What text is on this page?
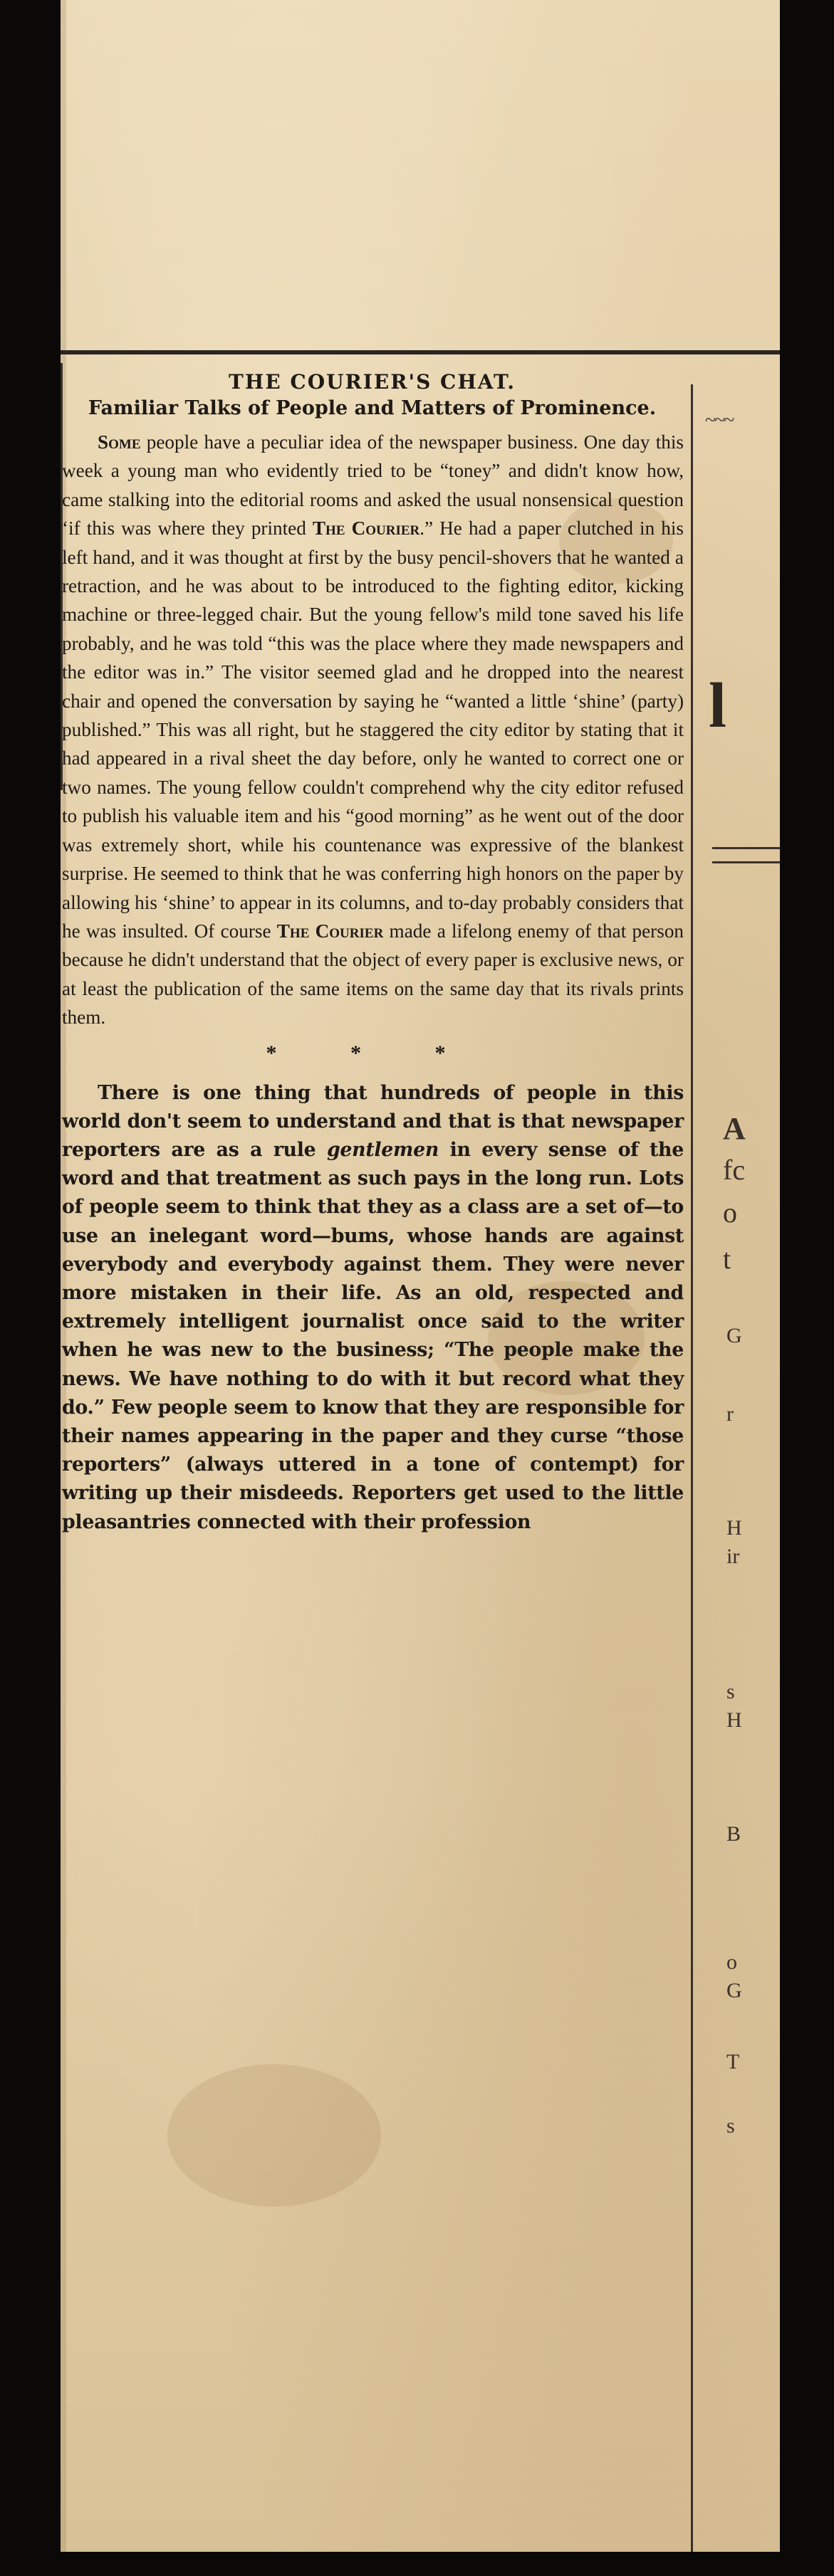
THE COURIER'S CHAT.
Familiar Talks of People and Matters of Prominence.

Some people have a peculiar idea of the newspaper business. One day this week a young man who evidently tried to be “toney” and didn't know how, came stalking into the editorial rooms and asked the usual nonsensical question ‘if this was where they printed The Courier.” He had a paper clutched in his left hand, and it was thought at first by the busy pencil-shovers that he wanted a retraction, and he was about to be introduced to the fighting editor, kicking machine or three-legged chair. But the young fellow's mild tone saved his life probably, and he was told “this was the place where they made newspapers and the editor was in.” The visitor seemed glad and he dropped into the nearest chair and opened the conversation by saying he “wanted a little ‘shine’ (party) published.” This was all right, but he staggered the city editor by stating that it had appeared in a rival sheet the day before, only he wanted to correct one or two names. The young fellow couldn't comprehend why the city editor refused to publish his valuable item and his “good morning” as he went out of the door was extremely short, while his countenance was expressive of the blankest surprise. He seemed to think that he was conferring high honors on the paper by allowing his ‘shine’ to appear in its columns, and to-day probably considers that he was insulted. Of course The Courier made a lifelong enemy of that person because he didn't understand that the object of every paper is exclusive news, or at least the publication of the same items on the same day that its rivals prints them.

* * *

There is one thing that hundreds of people in this world don't seem to understand and that is that newspaper reporters are as a rule gentlemen in every sense of the word and that treatment as such pays in the long run. Lots of people seem to think that they as a class are a set of—to use an inelegant word—bums, whose hands are against everybody and everybody against them. They were never more mistaken in their life. As an old, respected and extremely intelligent journalist once said to the writer when he was new to the business; “The people make the news. We have nothing to do with it but record what they do.” Few people seem to know that they are responsible for their names appearing in the paper and they curse “those reporters” (always uttered in a tone of contempt) for writing up their misdeeds. Reporters get used to the little pleasantries connected with their profession

~~~
l
A
fc
o
t
G
r
H
ir
s
H
B
o
G
T
s
